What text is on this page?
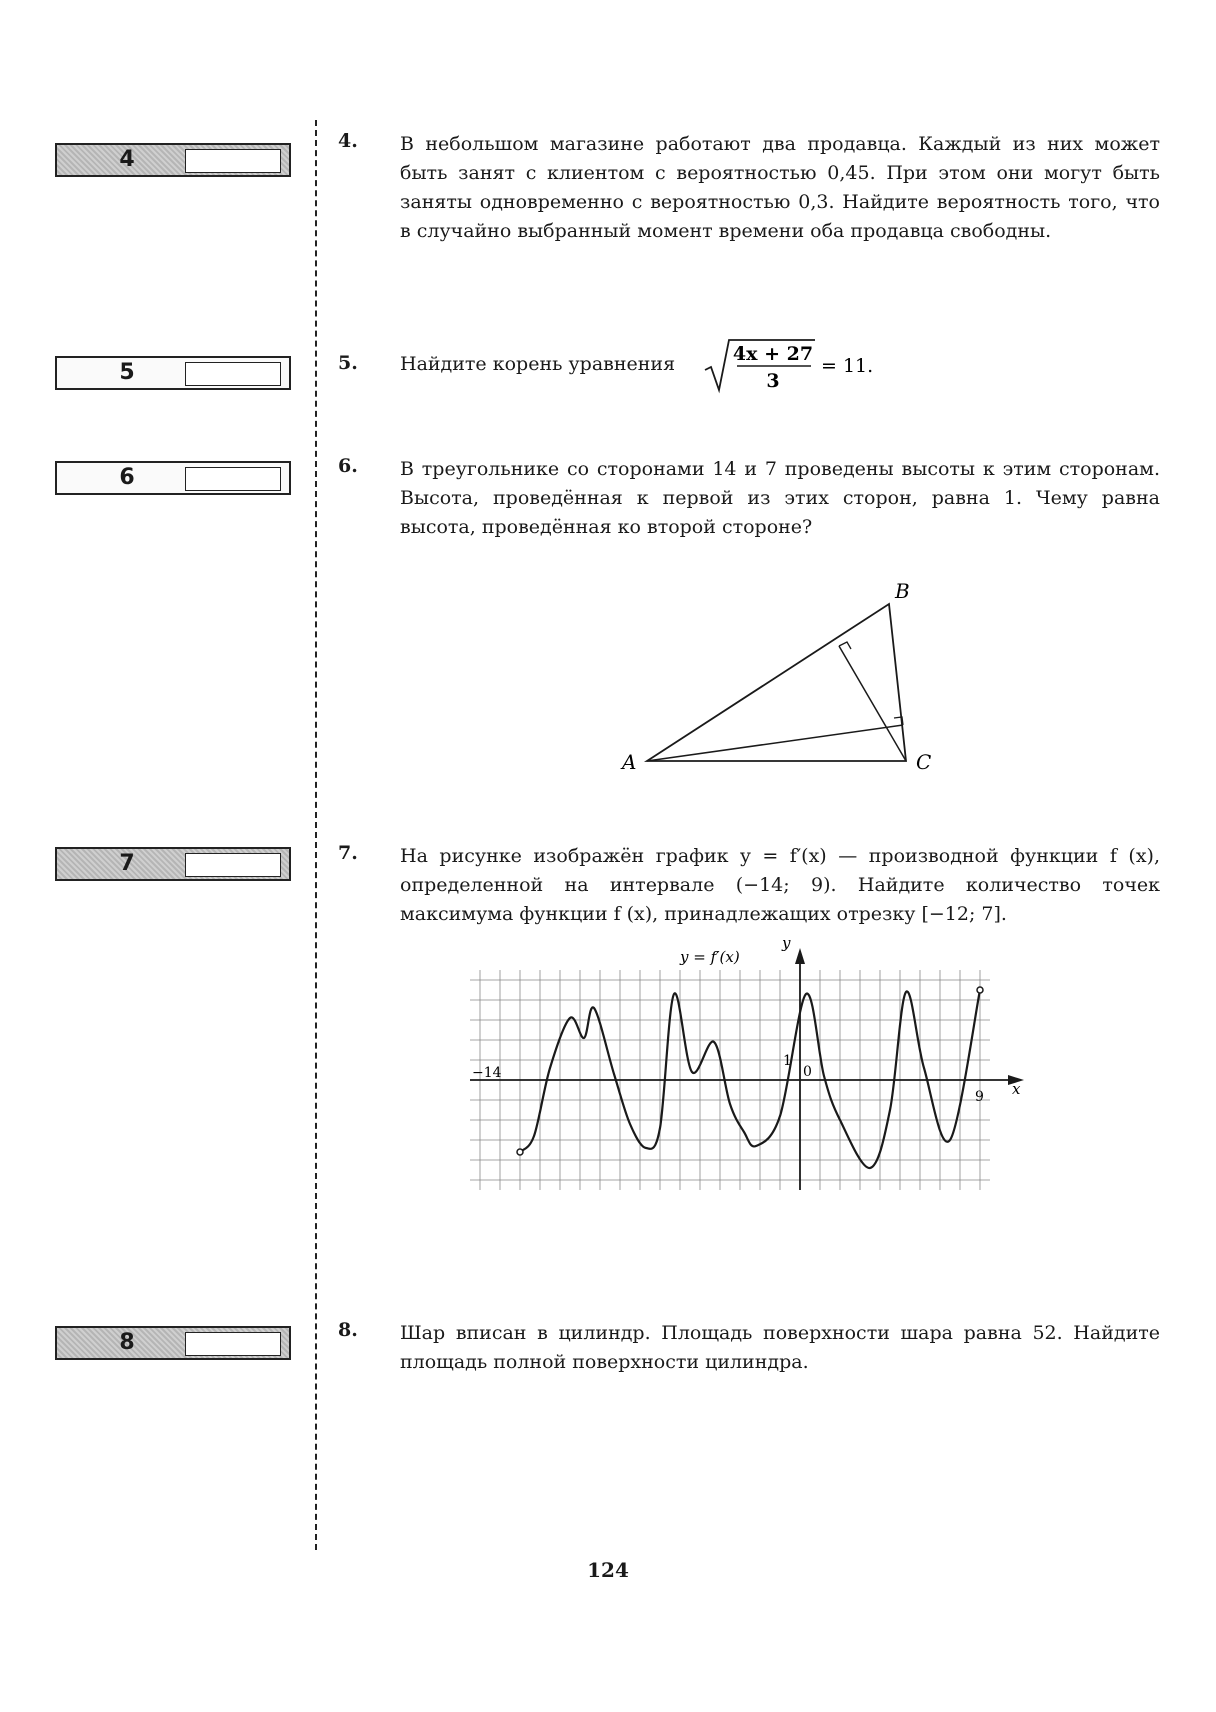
4
5
6
7
8
4. В небольшом магазине работают два продавца. Каждый из них может быть занят с клиентом с вероятностью 0,45. При этом они могут быть заняты одновременно с вероятностью 0,3. Найдите вероятность того, что в случайно выбранный момент времени оба продавца свободны.
5. Найдите корень уравнения	4x + 27
3
= 11.
6. В треугольнике со сторонами 14 и 7 проведены высоты к этим сторонам. Высота, проведённая к первой из этих сторон, равна 1. Чему равна высота, проведённая ко второй стороне?
A
B
C
7. На рисунке изображён график y = f′(x) — производной функции f (x), определенной на интервале (−14; 9). Найдите количество точек максимума функции f (x), принадлежащих отрезку [−12; 7].
y = f′(x)
y
x
−14
1
0
9
8. Шар вписан в цилиндр. Площадь поверхности шара равна 52. Найдите площадь полной поверхности цилиндра.
124
